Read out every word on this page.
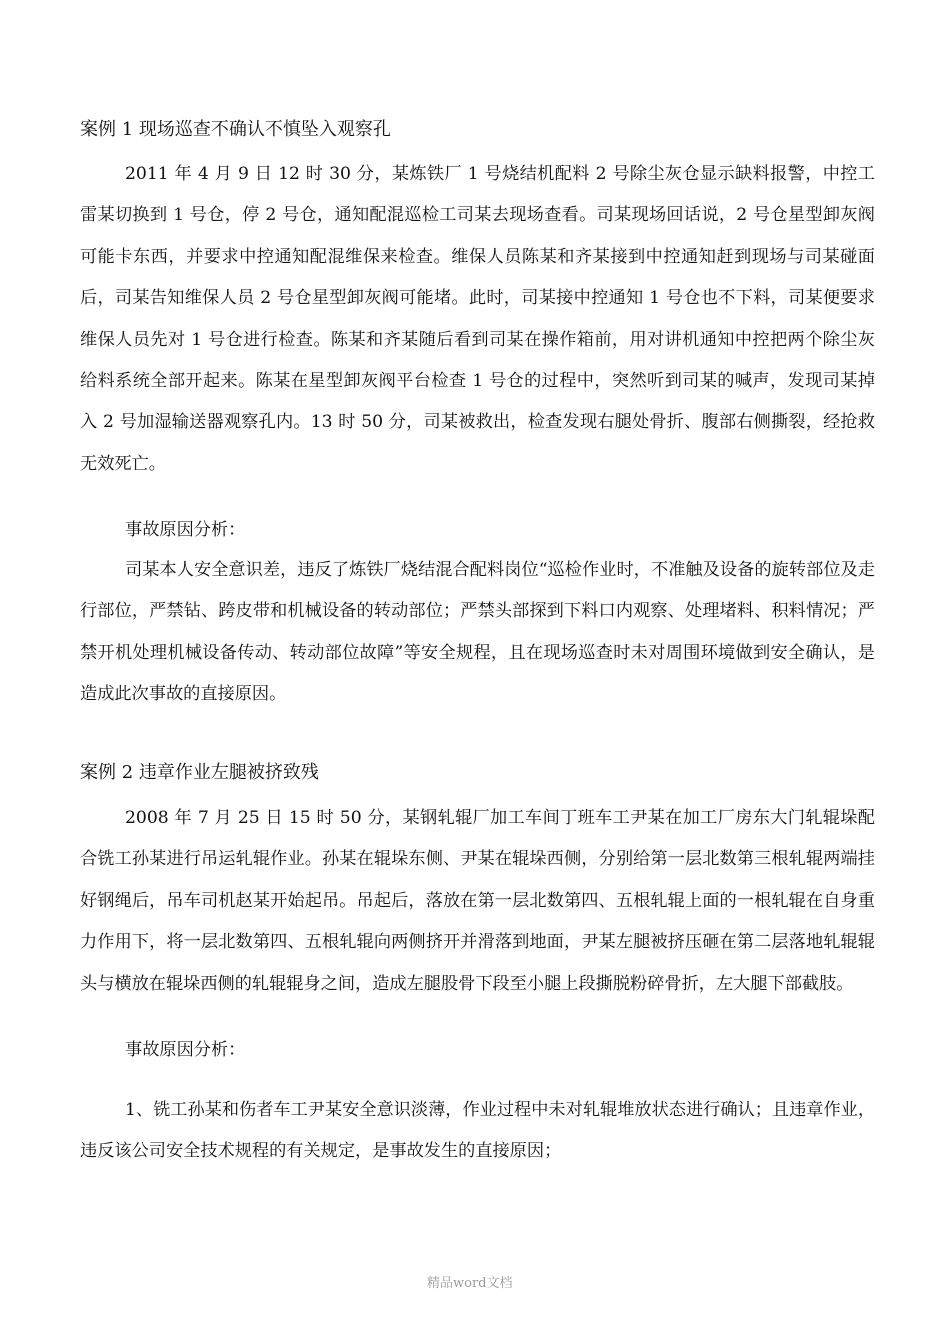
案例 1 现场巡查不确认不慎坠入观察孔

2011 年 4 月 9 日 12 时 30 分，某炼铁厂 1 号烧结机配料 2 号除尘灰仓显示缺料报警，中控工雷某切换到 1 号仓，停 2 号仓，通知配混巡检工司某去现场查看。司某现场回话说，2 号仓星型卸灰阀可能卡东西，并要求中控通知配混维保来检查。维保人员陈某和齐某接到中控通知赶到现场与司某碰面后，司某告知维保人员 2 号仓星型卸灰阀可能堵。此时，司某接中控通知 1 号仓也不下料，司某便要求维保人员先对 1 号仓进行检查。陈某和齐某随后看到司某在操作箱前，用对讲机通知中控把两个除尘灰给料系统全部开起来。陈某在星型卸灰阀平台检查 1 号仓的过程中，突然听到司某的喊声，发现司某掉入 2 号加湿输送器观察孔内。13 时 50 分，司某被救出，检查发现右腿处骨折、腹部右侧撕裂，经抢救无效死亡。

事故原因分析：

司某本人安全意识差，违反了炼铁厂烧结混合配料岗位“巡检作业时，不准触及设备的旋转部位及走行部位，严禁钻、跨皮带和机械设备的转动部位；严禁头部探到下料口内观察、处理堵料、积料情况；严禁开机处理机械设备传动、转动部位故障”等安全规程，且在现场巡查时未对周围环境做到安全确认，是造成此次事故的直接原因。

案例 2 违章作业左腿被挤致残

2008 年 7 月 25 日 15 时 50 分，某钢轧辊厂加工车间丁班车工尹某在加工厂房东大门轧辊垛配合铣工孙某进行吊运轧辊作业。孙某在辊垛东侧、尹某在辊垛西侧，分别给第一层北数第三根轧辊两端挂好钢绳后，吊车司机赵某开始起吊。吊起后，落放在第一层北数第四、五根轧辊上面的一根轧辊在自身重力作用下，将一层北数第四、五根轧辊向两侧挤开并滑落到地面，尹某左腿被挤压砸在第二层落地轧辊辊头与横放在辊垛西侧的轧辊辊身之间，造成左腿股骨下段至小腿上段撕脱粉碎骨折，左大腿下部截肢。

事故原因分析：

1、铣工孙某和伤者车工尹某安全意识淡薄，作业过程中未对轧辊堆放状态进行确认；且违章作业，违反该公司安全技术规程的有关规定，是事故发生的直接原因；

精品word文档
